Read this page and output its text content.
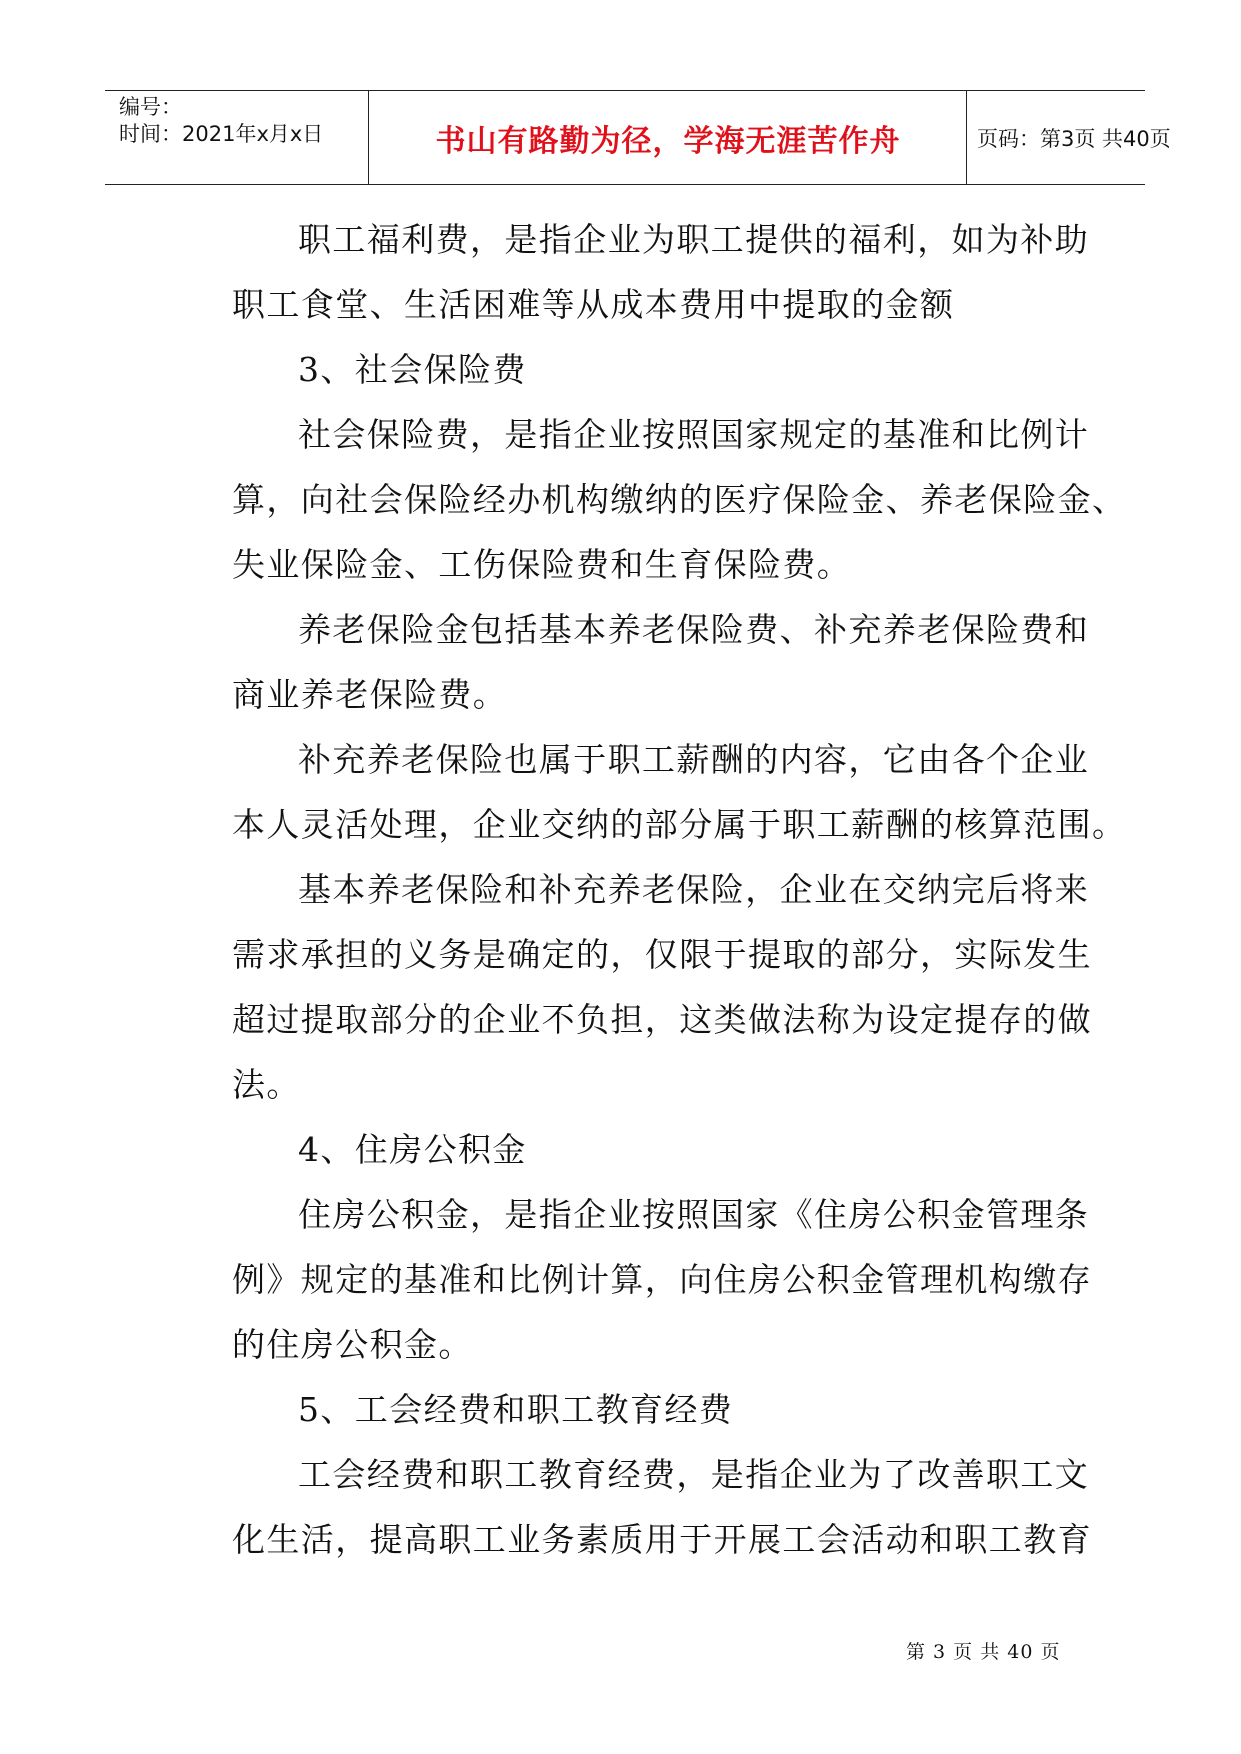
编号：
时间：2021年x月x日	书山有路勤为径，学海无涯苦作舟	页码：第3页 共40页
职工福利费，是指企业为职工提供的福利，如为补助
职工食堂、生活困难等从成本费用中提取的金额
3、社会保险费
社会保险费，是指企业按照国家规定的基准和比例计
算，向社会保险经办机构缴纳的医疗保险金、养老保险金、
失业保险金、工伤保险费和生育保险费。
养老保险金包括基本养老保险费、补充养老保险费和
商业养老保险费。
补充养老保险也属于职工薪酬的内容，它由各个企业
本人灵活处理，企业交纳的部分属于职工薪酬的核算范围。
基本养老保险和补充养老保险，企业在交纳完后将来
需求承担的义务是确定的，仅限于提取的部分，实际发生
超过提取部分的企业不负担，这类做法称为设定提存的做
法。
4、住房公积金
住房公积金，是指企业按照国家《住房公积金管理条
例》规定的基准和比例计算，向住房公积金管理机构缴存
的住房公积金。
5、工会经费和职工教育经费
工会经费和职工教育经费，是指企业为了改善职工文
化生活，提高职工业务素质用于开展工会活动和职工教育
第 3 页 共 40 页
